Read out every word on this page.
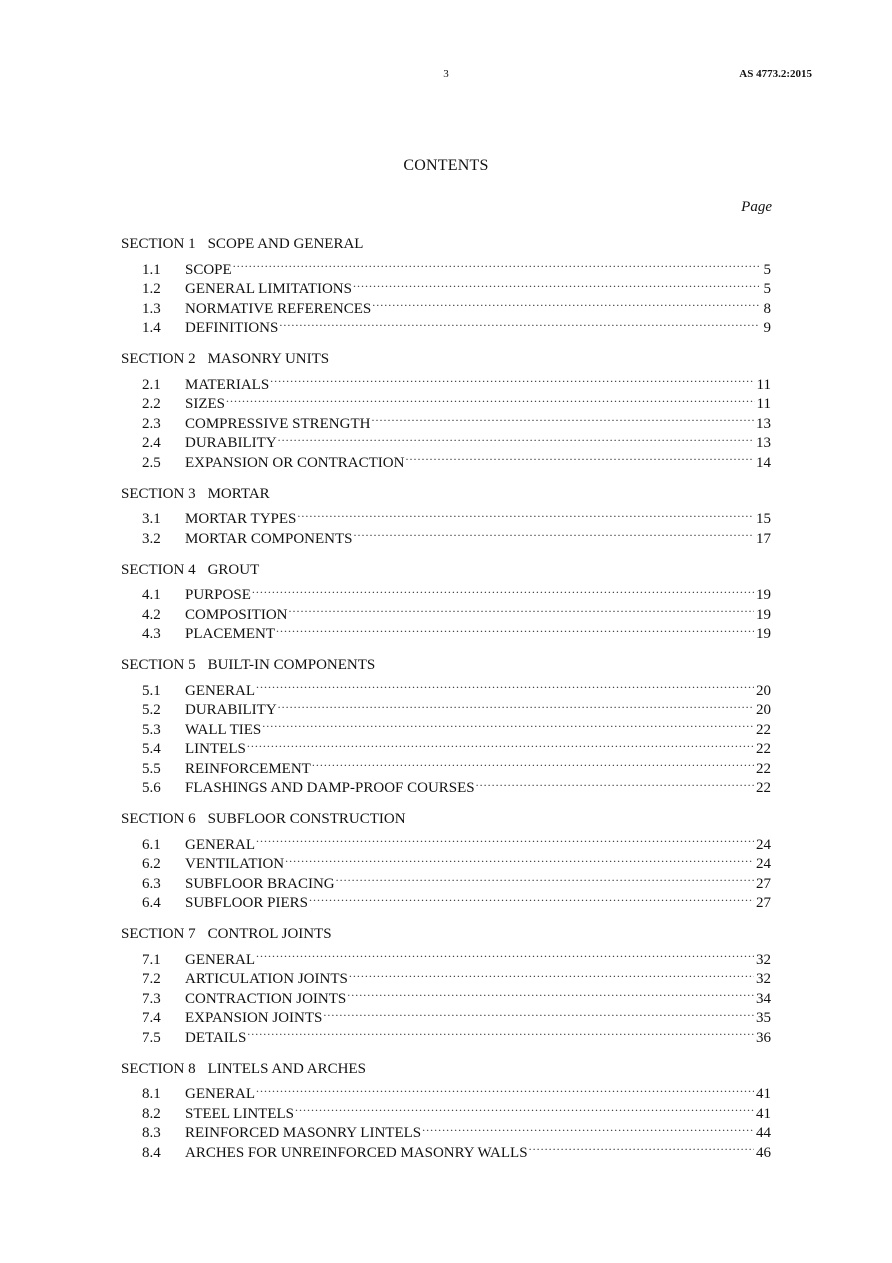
3	AS 4773.2:2015
CONTENTS
Page
SECTION 1 SCOPE AND GENERAL
1.1	SCOPE .....	5
1.2	GENERAL LIMITATIONS .....	5
1.3	NORMATIVE REFERENCES .....	8
1.4	DEFINITIONS .....	9
SECTION 2 MASONRY UNITS
2.1	MATERIALS .....	11
2.2	SIZES .....	11
2.3	COMPRESSIVE STRENGTH .....	13
2.4	DURABILITY .....	13
2.5	EXPANSION OR CONTRACTION .....	14
SECTION 3 MORTAR
3.1	MORTAR TYPES .....	15
3.2	MORTAR COMPONENTS .....	17
SECTION 4 GROUT
4.1	PURPOSE .....	19
4.2	COMPOSITION .....	19
4.3	PLACEMENT .....	19
SECTION 5 BUILT-IN COMPONENTS
5.1	GENERAL .....	20
5.2	DURABILITY .....	20
5.3	WALL TIES .....	22
5.4	LINTELS .....	22
5.5	REINFORCEMENT .....	22
5.6	FLASHINGS AND DAMP-PROOF COURSES .....	22
SECTION 6 SUBFLOOR CONSTRUCTION
6.1	GENERAL .....	24
6.2	VENTILATION .....	24
6.3	SUBFLOOR BRACING .....	27
6.4	SUBFLOOR PIERS .....	27
SECTION 7 CONTROL JOINTS
7.1	GENERAL .....	32
7.2	ARTICULATION JOINTS .....	32
7.3	CONTRACTION JOINTS .....	34
7.4	EXPANSION JOINTS .....	35
7.5	DETAILS .....	36
SECTION 8 LINTELS AND ARCHES
8.1	GENERAL .....	41
8.2	STEEL LINTELS .....	41
8.3	REINFORCED MASONRY LINTELS .....	44
8.4	ARCHES FOR UNREINFORCED MASONRY WALLS .....	46
